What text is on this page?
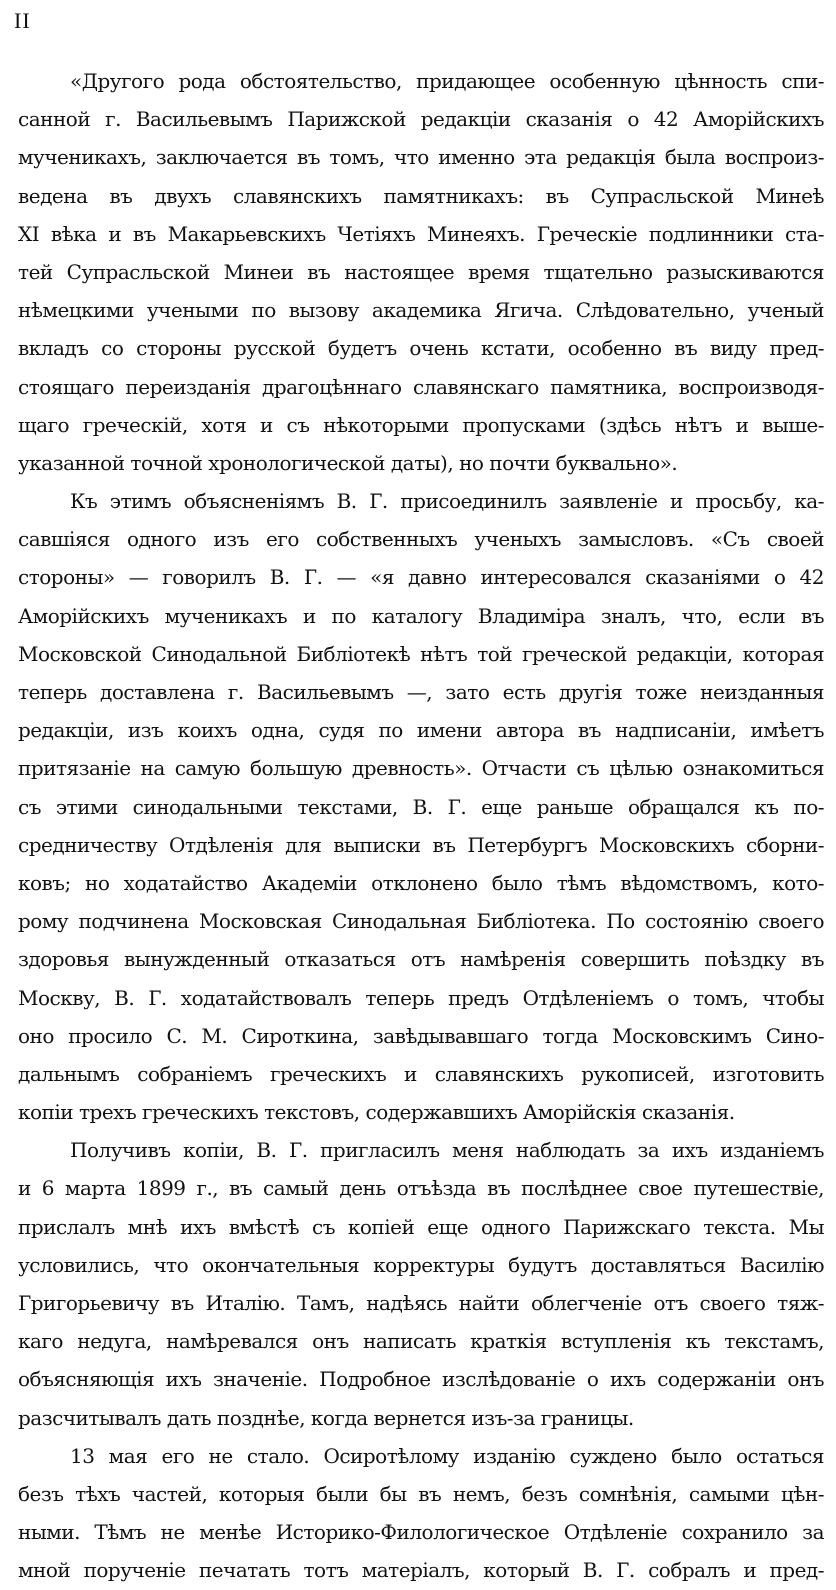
II
«Другого рода обстоятельство, придающее особенную цѣнность спи-
санной г. Васильевымъ Парижской редакціи сказанія о 42 Аморійскихъ
мученикахъ, заключается въ томъ, что именно эта редакція была воспроиз-
ведена въ двухъ славянскихъ памятникахъ: въ Супрасльской Минеѣ
XI вѣка и въ Макарьевскихъ Четіяхъ Минеяхъ. Греческіе подлинники ста-
тей Супрасльской Минеи въ настоящее время тщательно разыскиваются
нѣмецкими учеными по вызову академика Ягича. Слѣдовательно, ученый
вкладъ со стороны русской будетъ очень кстати, особенно въ виду пред-
стоящаго переизданія драгоцѣннаго славянскаго памятника, воспроизводя-
щаго греческій, хотя и съ нѣкоторыми пропусками (здѣсь нѣтъ и выше-
указанной точной хронологической даты), но почти буквально».
Къ этимъ объясненіямъ В. Г. присоединилъ заявленіе и просьбу, ка-
савшіяся одного изъ его собственныхъ ученыхъ замысловъ. «Съ своей
стороны» — говорилъ В. Г. — «я давно интересовался сказаніями о 42
Аморійскихъ мученикахъ и по каталогу Владиміра зналъ, что, если въ
Московской Синодальной Библіотекѣ нѣтъ той греческой редакціи, которая
теперь доставлена г. Васильевымъ —, зато есть другія тоже неизданныя
редакціи, изъ коихъ одна, судя по имени автора въ надписаніи, имѣетъ
притязаніе на самую большую древность». Отчасти съ цѣлью ознакомиться
съ этими синодальными текстами, В. Г. еще раньше обращался къ по-
средничеству Отдѣленія для выписки въ Петербургъ Московскихъ сборни-
ковъ; но ходатайство Академіи отклонено было тѣмъ вѣдомствомъ, кото-
рому подчинена Московская Синодальная Библіотека. По состоянію своего
здоровья вынужденный отказаться отъ намѣренія совершить поѣздку въ
Москву, В. Г. ходатайствовалъ теперь предъ Отдѣленіемъ о томъ, чтобы
оно просило С. М. Сироткина, завѣдывавшаго тогда Московскимъ Сино-
дальнымъ собраніемъ греческихъ и славянскихъ рукописей, изготовить
копіи трехъ греческихъ текстовъ, содержавшихъ Аморійскія сказанія.
Получивъ копіи, В. Г. пригласилъ меня наблюдать за ихъ изданіемъ
и 6 марта 1899 г., въ самый день отъѣзда въ послѣднее свое путешествіе,
прислалъ мнѣ ихъ вмѣстѣ съ копіей еще одного Парижскаго текста. Мы
условились, что окончательныя корректуры будутъ доставляться Василію
Григорьевичу въ Италію. Тамъ, надѣясь найти облегченіе отъ своего тяж-
каго недуга, намѣревался онъ написать краткія вступленія къ текстамъ,
объясняющія ихъ значеніе. Подробное изслѣдованіе о ихъ содержаніи онъ
разсчитывалъ дать позднѣе, когда вернется изъ-за границы.
13 мая его не стало. Осиротѣлому изданію суждено было остаться
безъ тѣхъ частей, которыя были бы въ немъ, безъ сомнѣнія, самыми цѣн-
ными. Тѣмъ не менѣе Историко-Филологическое Отдѣленіе сохранило за
мной порученіе печатать тотъ матеріалъ, который В. Г. собралъ и пред-
